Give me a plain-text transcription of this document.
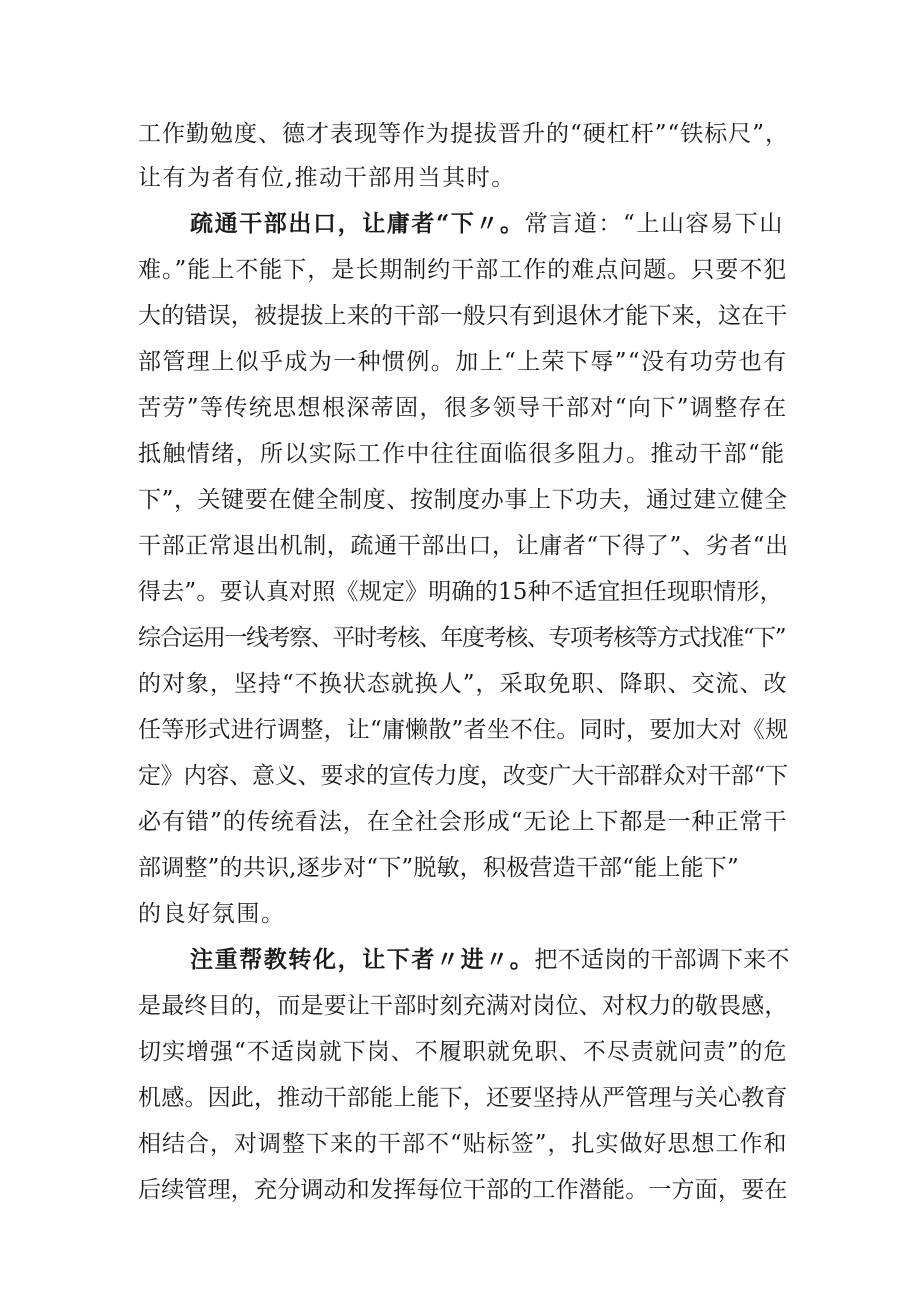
工作勤勉度、德才表现等作为提拔晋升的“硬杠杆”“铁标尺”，
让有为者有位,推动干部用当其时。
疏通干部出口，让庸者“下〃。常言道：“上山容易下山
难。”能上不能下，是长期制约干部工作的难点问题。只要不犯
大的错误，被提拔上来的干部一般只有到退休才能下来，这在干
部管理上似乎成为一种惯例。加上“上荣下辱”“没有功劳也有
苦劳”等传统思想根深蒂固，很多领导干部对“向下”调整存在
抵触情绪，所以实际工作中往往面临很多阻力。推动干部“能
下”，关键要在健全制度、按制度办事上下功夫，通过建立健全
干部正常退出机制，疏通干部出口，让庸者“下得了”、劣者“出
得去”。要认真对照《规定》明确的15种不适宜担任现职情形，
综合运用一线考察、平时考核、年度考核、专项考核等方式找准“下”
的对象，坚持“不换状态就换人”，采取免职、降职、交流、改
任等形式进行调整，让“庸懒散”者坐不住。同时，要加大对《规
定》内容、意义、要求的宣传力度，改变广大干部群众对干部“下
必有错”的传统看法，在全社会形成“无论上下都是一种正常干
部调整”的共识,逐步对“下”脱敏，积极营造干部“能上能下”
的良好氛围。
注重帮教转化，让下者〃进〃。把不适岗的干部调下来不
是最终目的，而是要让干部时刻充满对岗位、对权力的敬畏感，
切实增强“不适岗就下岗、不履职就免职、不尽责就问责”的危
机感。因此，推动干部能上能下，还要坚持从严管理与关心教育
相结合，对调整下来的干部不“贴标签”，扎实做好思想工作和
后续管理，充分调动和发挥每位干部的工作潜能。一方面，要在
